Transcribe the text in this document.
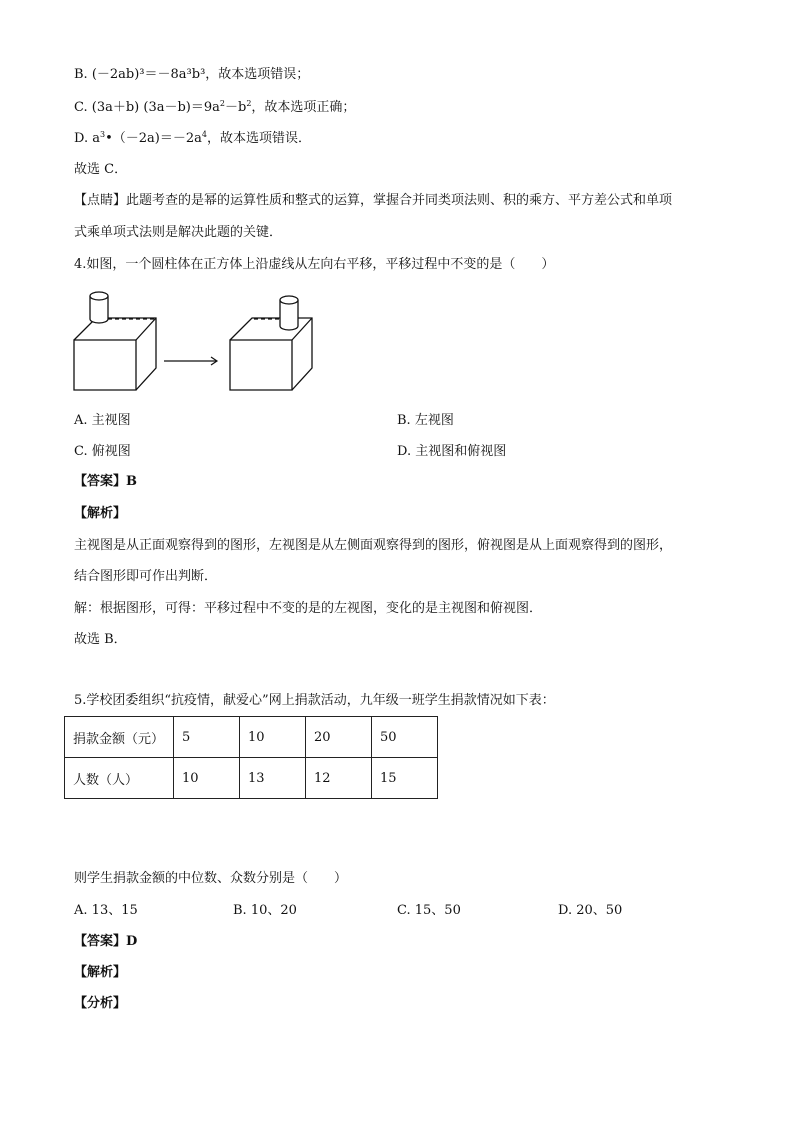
B. (－2ab)³＝－8a³b³，故本选项错误；
C. (3a＋b) $(3a-b)=9a^2-b^2$，故本选项正确；
D. $a^3•(-2a)=-2a^4$，故本选项错误．
故选 C．
【点睛】此题考查的是幂的运算性质和整式的运算，掌握合并同类项法则、积的乘方、平方差公式和单项
式乘单项式法则是解决此题的关键．
4.如图，一个圆柱体在正方体上沿虚线从左向右平移，平移过程中不变的是（　　）
A. 主视图	B. 左视图
C. 俯视图	D. 主视图和俯视图
【答案】B
【解析】
主视图是从正面观察得到的图形，左视图是从左侧面观察得到的图形，俯视图是从上面观察得到的图形，
结合图形即可作出判断．
解：根据图形，可得：平移过程中不变的是的左视图，变化的是主视图和俯视图．
故选 B．
5.学校团委组织“抗疫情，献爱心”网上捐款活动，九年级一班学生捐款情况如下表：
捐款金额（元）	5	10	20	50
人数（人）	10	13	12	15
则学生捐款金额的中位数、众数分别是（　　）
A. 13、15	B. 10、20	C. 15、50	D. 20、50
【答案】D
【解析】
【分析】
